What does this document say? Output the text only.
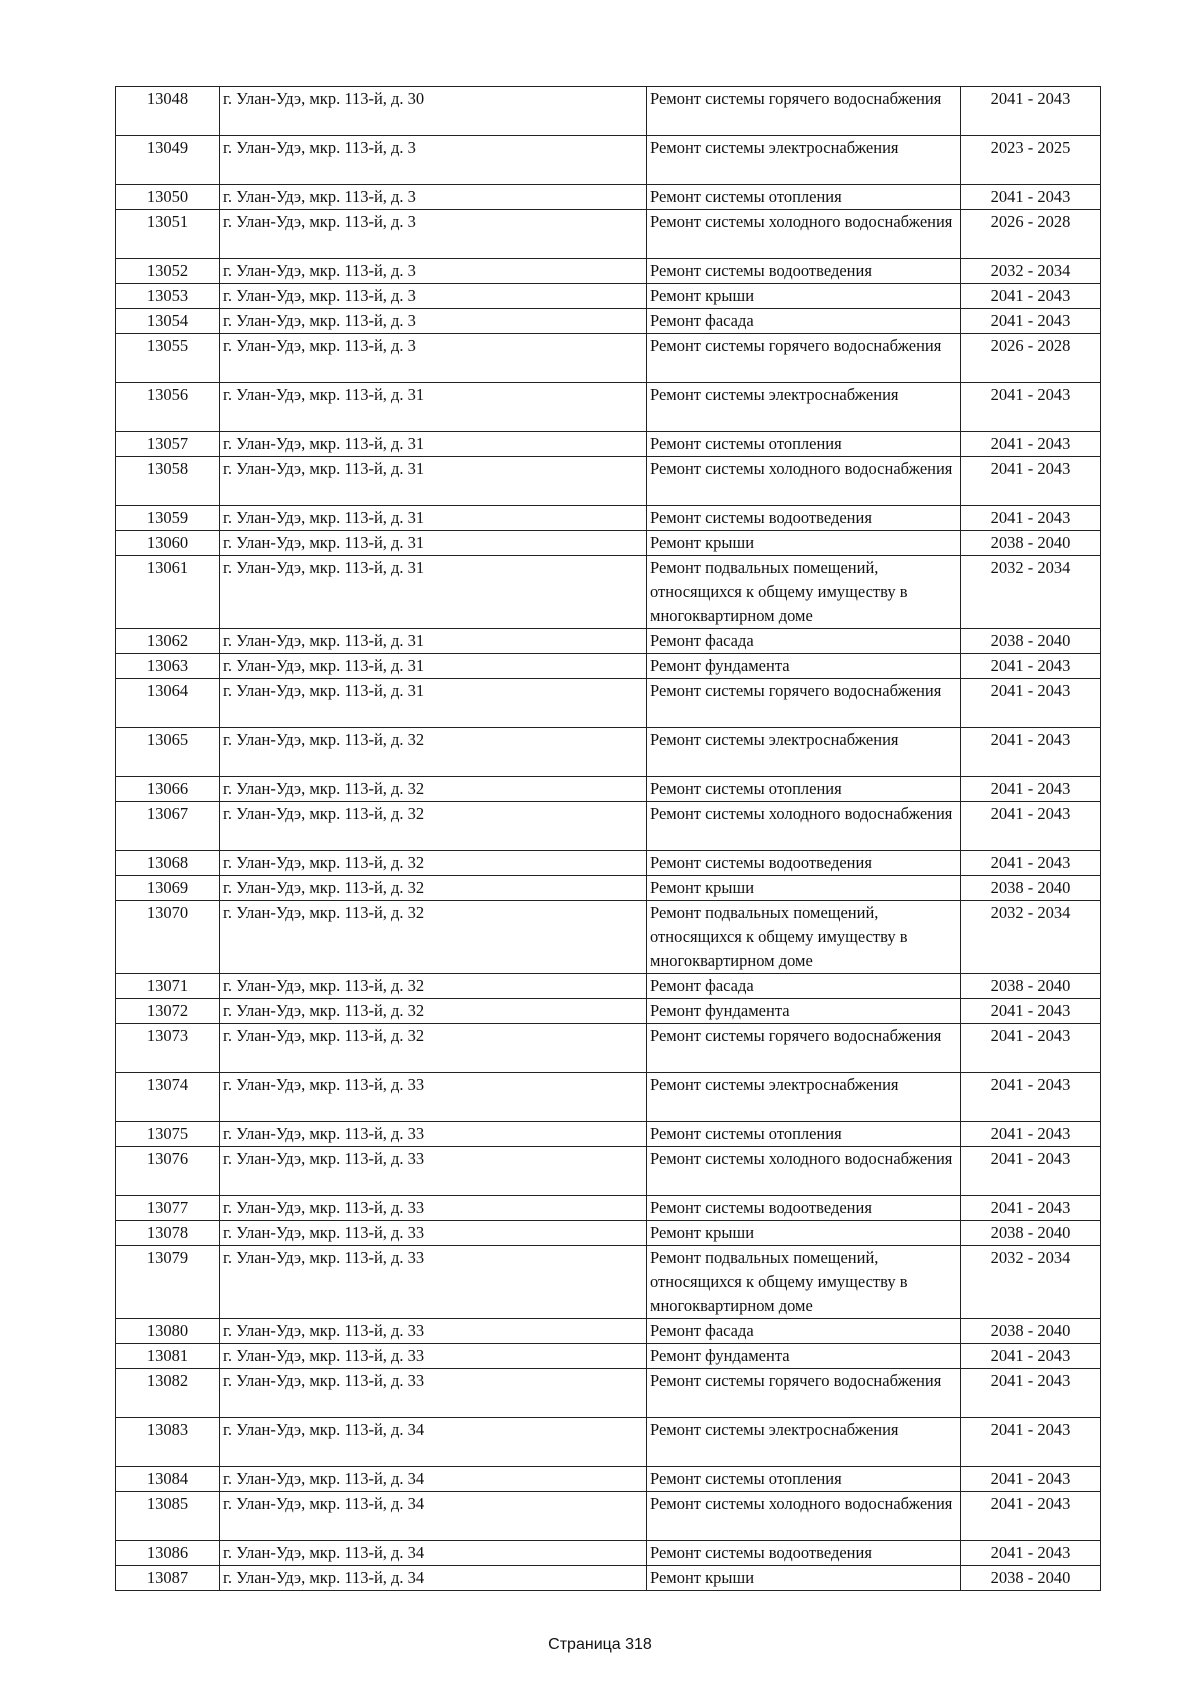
13048	г. Улан-Удэ, мкр. 113-й, д. 30	Ремонт системы горячего водоснабжения	2041 - 2043
13049	г. Улан-Удэ, мкр. 113-й, д. 3	Ремонт системы электроснабжения	2023 - 2025
13050	г. Улан-Удэ, мкр. 113-й, д. 3	Ремонт системы отопления	2041 - 2043
13051	г. Улан-Удэ, мкр. 113-й, д. 3	Ремонт системы холодного водоснабжения	2026 - 2028
13052	г. Улан-Удэ, мкр. 113-й, д. 3	Ремонт системы водоотведения	2032 - 2034
13053	г. Улан-Удэ, мкр. 113-й, д. 3	Ремонт крыши	2041 - 2043
13054	г. Улан-Удэ, мкр. 113-й, д. 3	Ремонт фасада	2041 - 2043
13055	г. Улан-Удэ, мкр. 113-й, д. 3	Ремонт системы горячего водоснабжения	2026 - 2028
13056	г. Улан-Удэ, мкр. 113-й, д. 31	Ремонт системы электроснабжения	2041 - 2043
13057	г. Улан-Удэ, мкр. 113-й, д. 31	Ремонт системы отопления	2041 - 2043
13058	г. Улан-Удэ, мкр. 113-й, д. 31	Ремонт системы холодного водоснабжения	2041 - 2043
13059	г. Улан-Удэ, мкр. 113-й, д. 31	Ремонт системы водоотведения	2041 - 2043
13060	г. Улан-Удэ, мкр. 113-й, д. 31	Ремонт крыши	2038 - 2040
13061	г. Улан-Удэ, мкр. 113-й, д. 31	Ремонт подвальных помещений, относящихся к общему имуществу в многоквартирном доме	2032 - 2034
13062	г. Улан-Удэ, мкр. 113-й, д. 31	Ремонт фасада	2038 - 2040
13063	г. Улан-Удэ, мкр. 113-й, д. 31	Ремонт фундамента	2041 - 2043
13064	г. Улан-Удэ, мкр. 113-й, д. 31	Ремонт системы горячего водоснабжения	2041 - 2043
13065	г. Улан-Удэ, мкр. 113-й, д. 32	Ремонт системы электроснабжения	2041 - 2043
13066	г. Улан-Удэ, мкр. 113-й, д. 32	Ремонт системы отопления	2041 - 2043
13067	г. Улан-Удэ, мкр. 113-й, д. 32	Ремонт системы холодного водоснабжения	2041 - 2043
13068	г. Улан-Удэ, мкр. 113-й, д. 32	Ремонт системы водоотведения	2041 - 2043
13069	г. Улан-Удэ, мкр. 113-й, д. 32	Ремонт крыши	2038 - 2040
13070	г. Улан-Удэ, мкр. 113-й, д. 32	Ремонт подвальных помещений, относящихся к общему имуществу в многоквартирном доме	2032 - 2034
13071	г. Улан-Удэ, мкр. 113-й, д. 32	Ремонт фасада	2038 - 2040
13072	г. Улан-Удэ, мкр. 113-й, д. 32	Ремонт фундамента	2041 - 2043
13073	г. Улан-Удэ, мкр. 113-й, д. 32	Ремонт системы горячего водоснабжения	2041 - 2043
13074	г. Улан-Удэ, мкр. 113-й, д. 33	Ремонт системы электроснабжения	2041 - 2043
13075	г. Улан-Удэ, мкр. 113-й, д. 33	Ремонт системы отопления	2041 - 2043
13076	г. Улан-Удэ, мкр. 113-й, д. 33	Ремонт системы холодного водоснабжения	2041 - 2043
13077	г. Улан-Удэ, мкр. 113-й, д. 33	Ремонт системы водоотведения	2041 - 2043
13078	г. Улан-Удэ, мкр. 113-й, д. 33	Ремонт крыши	2038 - 2040
13079	г. Улан-Удэ, мкр. 113-й, д. 33	Ремонт подвальных помещений, относящихся к общему имуществу в многоквартирном доме	2032 - 2034
13080	г. Улан-Удэ, мкр. 113-й, д. 33	Ремонт фасада	2038 - 2040
13081	г. Улан-Удэ, мкр. 113-й, д. 33	Ремонт фундамента	2041 - 2043
13082	г. Улан-Удэ, мкр. 113-й, д. 33	Ремонт системы горячего водоснабжения	2041 - 2043
13083	г. Улан-Удэ, мкр. 113-й, д. 34	Ремонт системы электроснабжения	2041 - 2043
13084	г. Улан-Удэ, мкр. 113-й, д. 34	Ремонт системы отопления	2041 - 2043
13085	г. Улан-Удэ, мкр. 113-й, д. 34	Ремонт системы холодного водоснабжения	2041 - 2043
13086	г. Улан-Удэ, мкр. 113-й, д. 34	Ремонт системы водоотведения	2041 - 2043
13087	г. Улан-Удэ, мкр. 113-й, д. 34	Ремонт крыши	2038 - 2040
Страница 318
